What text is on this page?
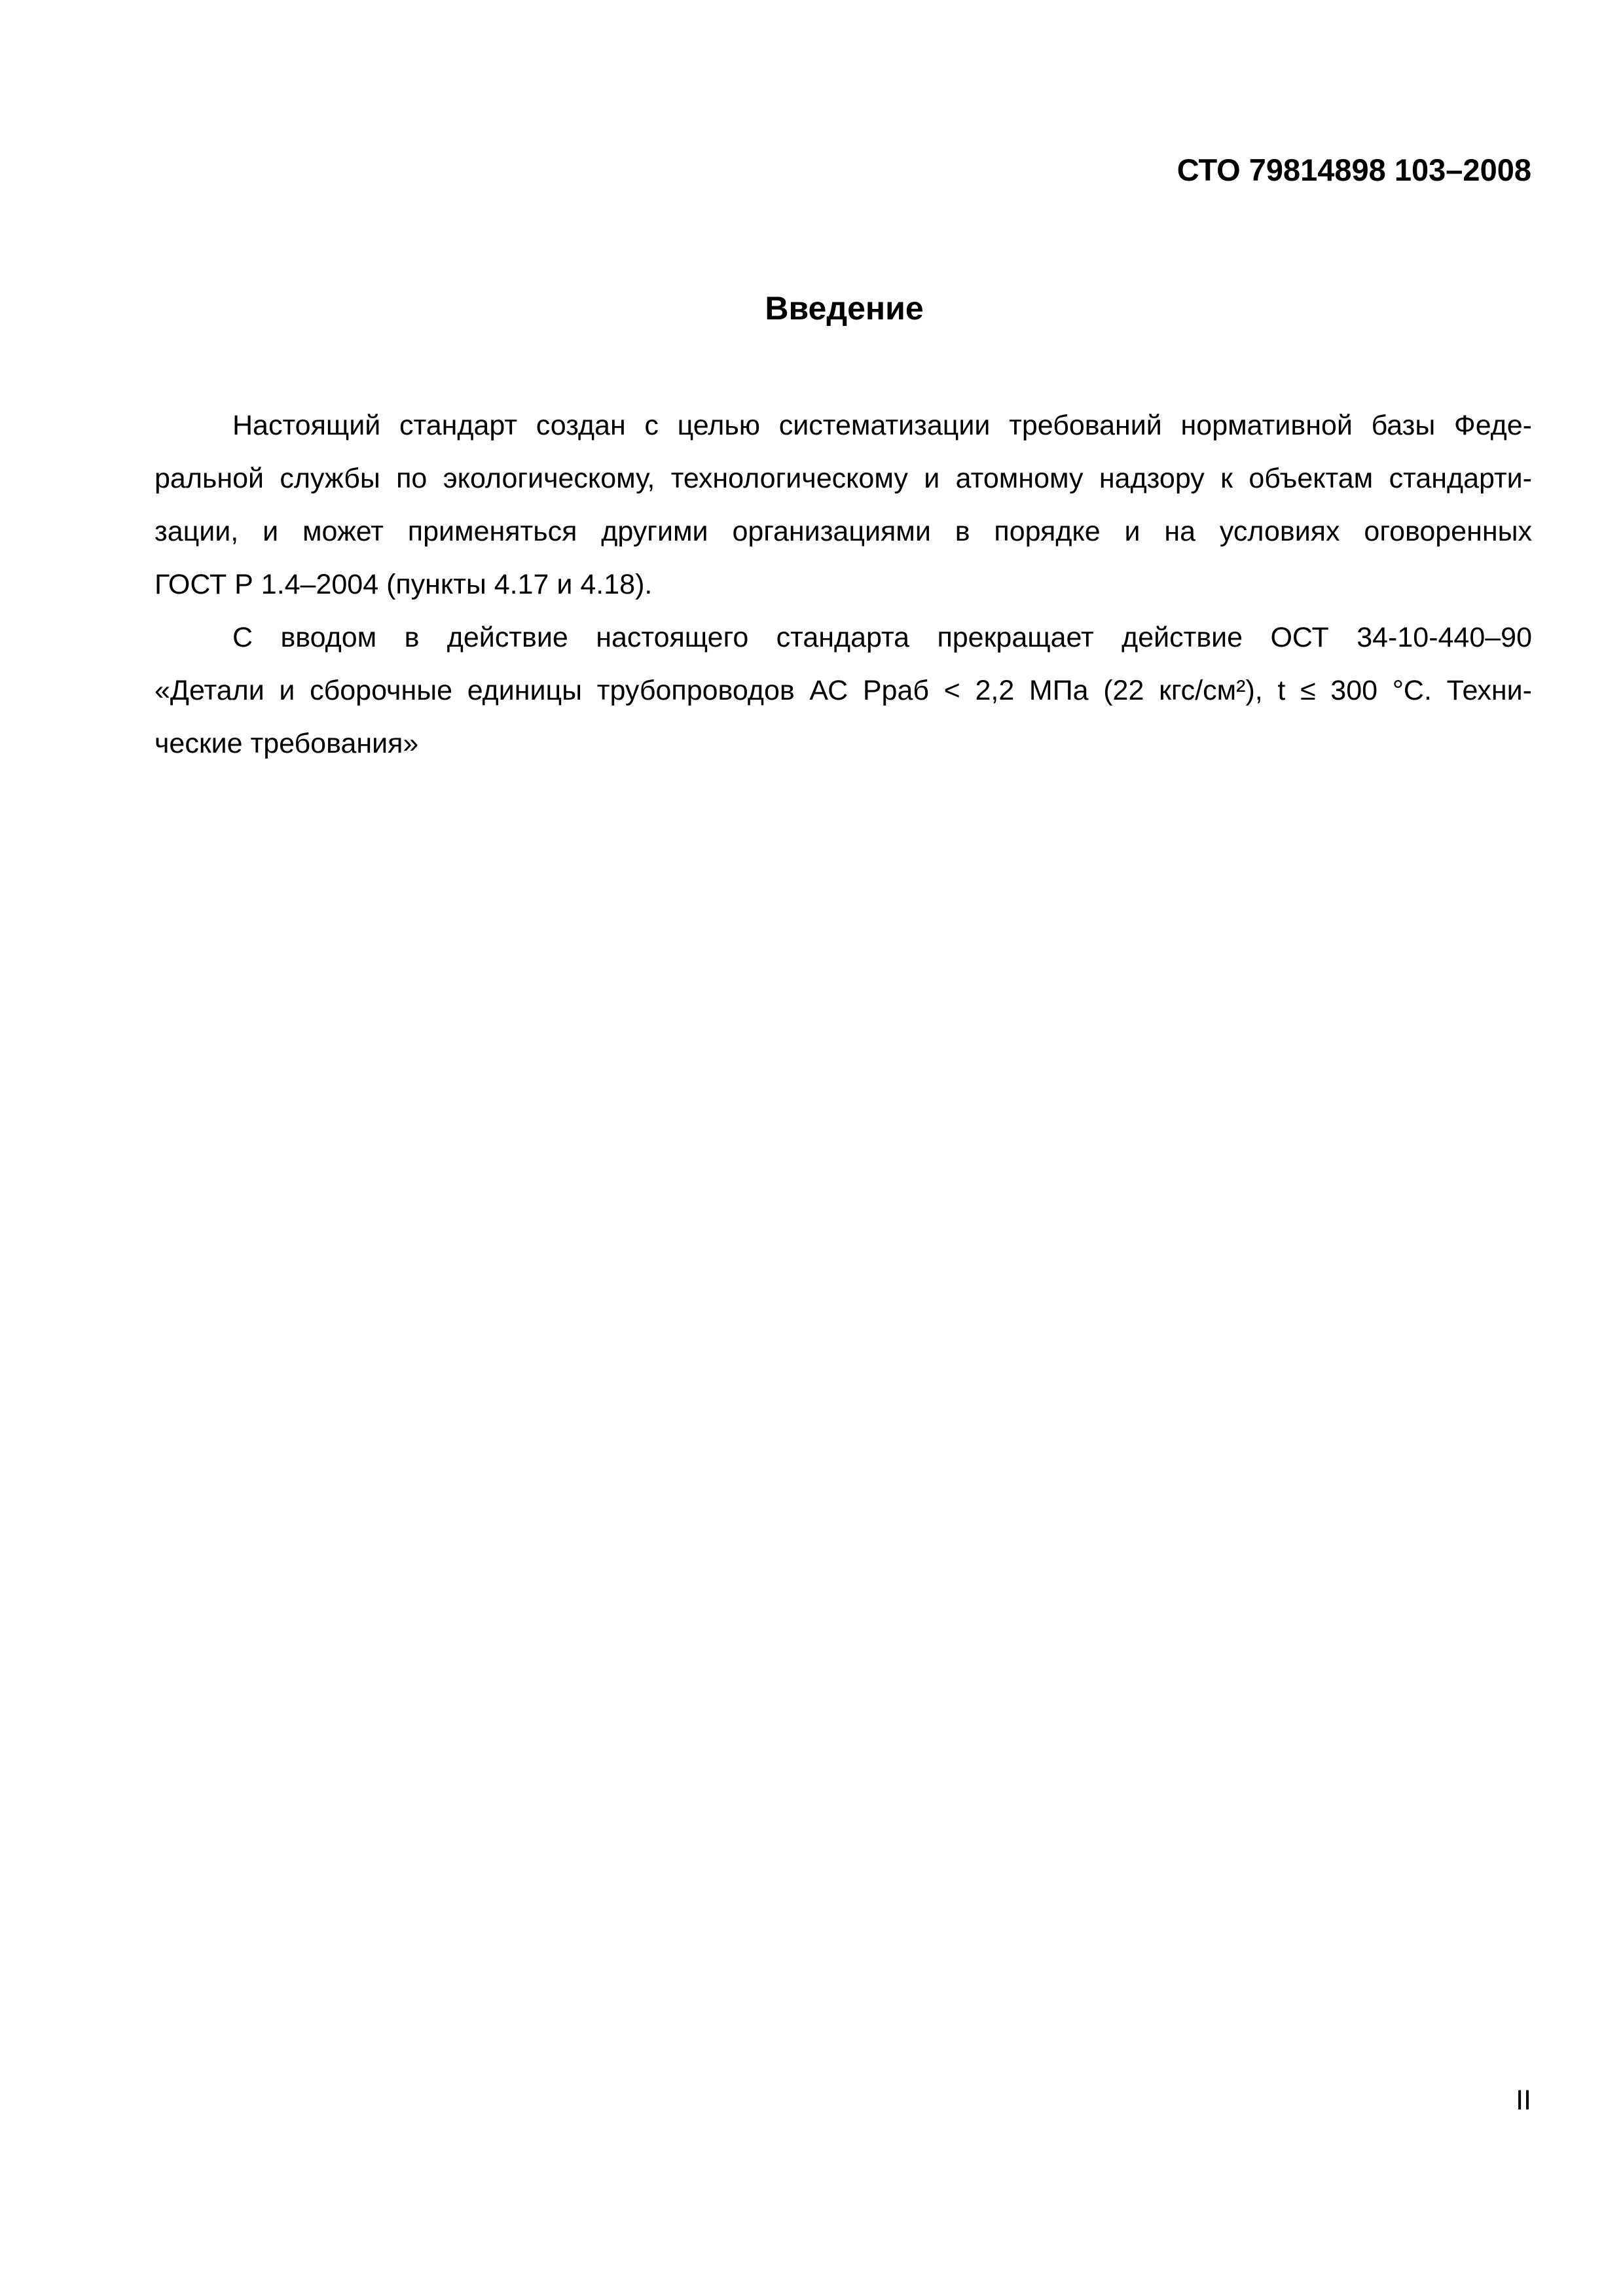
СТО 79814898 103–2008
Введение
Настоящий стандарт создан с целью систематизации требований нормативной базы Феде-
ральной службы по экологическому, технологическому и атомному надзору к объектам стандарти-
зации, и может применяться другими организациями в порядке и на условиях оговоренных
ГОСТ Р 1.4–2004 (пункты 4.17 и 4.18).
С вводом в действие настоящего стандарта прекращает действие ОСТ 34-10-440–90
«Детали и сборочные единицы трубопроводов АС Рраб < 2,2 МПа (22 кгс/см²), t ≤ 300 °С. Техни-
ческие требования»
II
